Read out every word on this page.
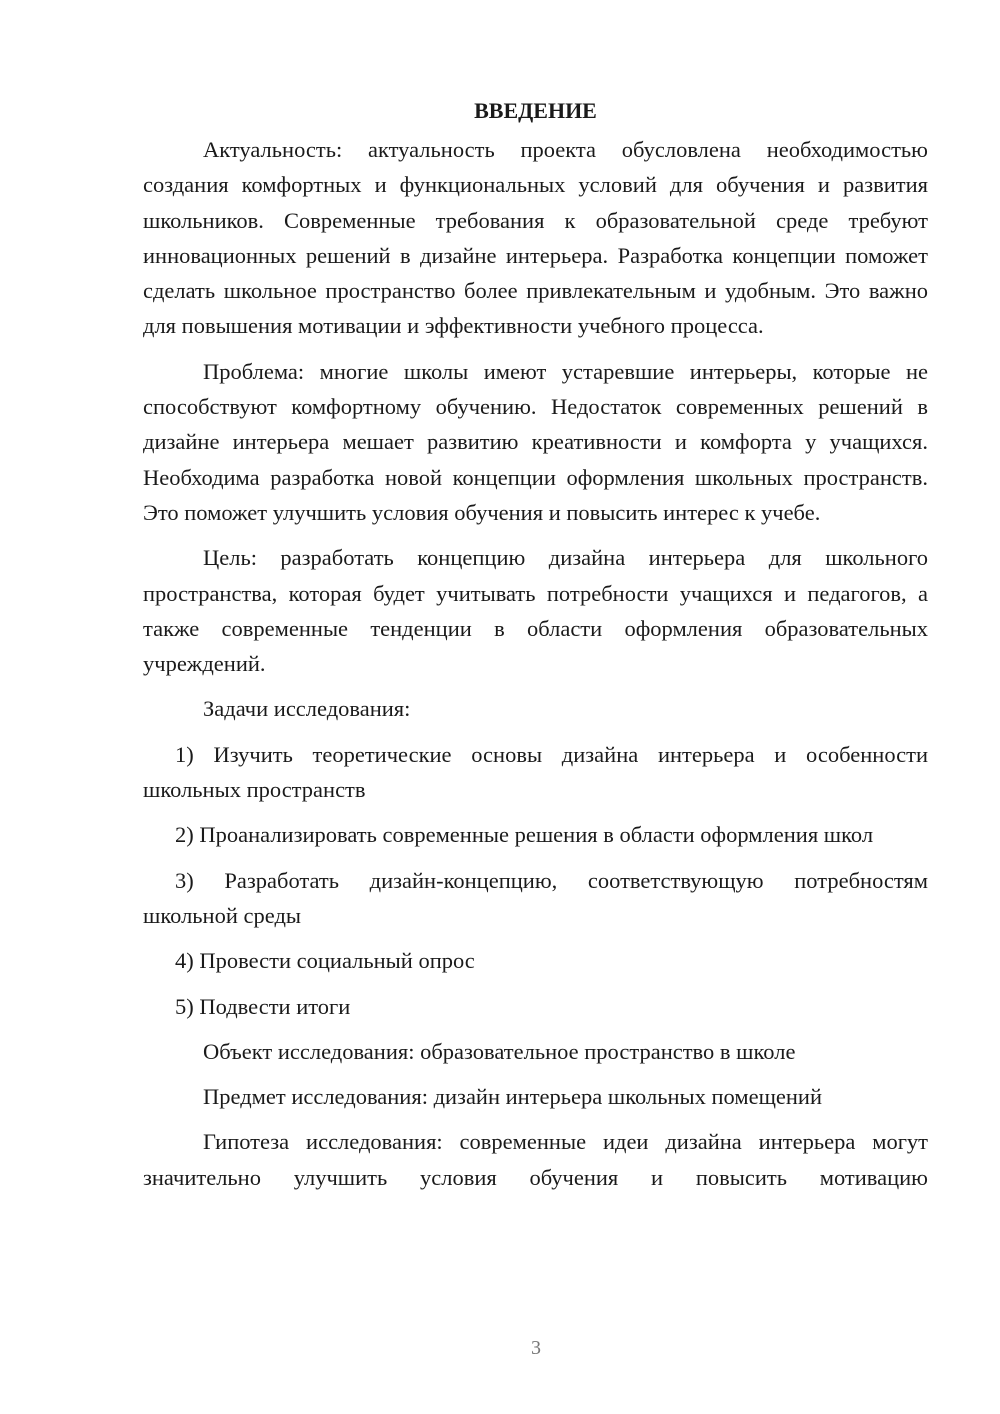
ВВЕДЕНИЕ

Актуальность: актуальность проекта обусловлена необходимостью создания комфортных и функциональных условий для обучения и развития школьников. Современные требования к образовательной среде требуют инновационных решений в дизайне интерьера. Разработка концепции поможет сделать школьное пространство более привлекательным и удобным. Это важно для повышения мотивации и эффективности учебного процесса.

Проблема: многие школы имеют устаревшие интерьеры, которые не способствуют комфортному обучению. Недостаток современных решений в дизайне интерьера мешает развитию креативности и комфорта у учащихся. Необходима разработка новой концепции оформления школьных пространств. Это поможет улучшить условия обучения и повысить интерес к учебе.

Цель: разработать концепцию дизайна интерьера для школьного пространства, которая будет учитывать потребности учащихся и педагогов, а также современные тенденции в области оформления образовательных учреждений.

Задачи исследования:

1) Изучить теоретические основы дизайна интерьера и особенности школьных пространств

2) Проанализировать современные решения в области оформления школ

3) Разработать дизайн-концепцию, соответствующую потребностям школьной среды

4) Провести социальный опрос

5) Подвести итоги

Объект исследования: образовательное пространство в школе

Предмет исследования: дизайн интерьера школьных помещений

Гипотеза исследования: современные идеи дизайна интерьера могут значительно улучшить условия обучения и повысить мотивацию

3
